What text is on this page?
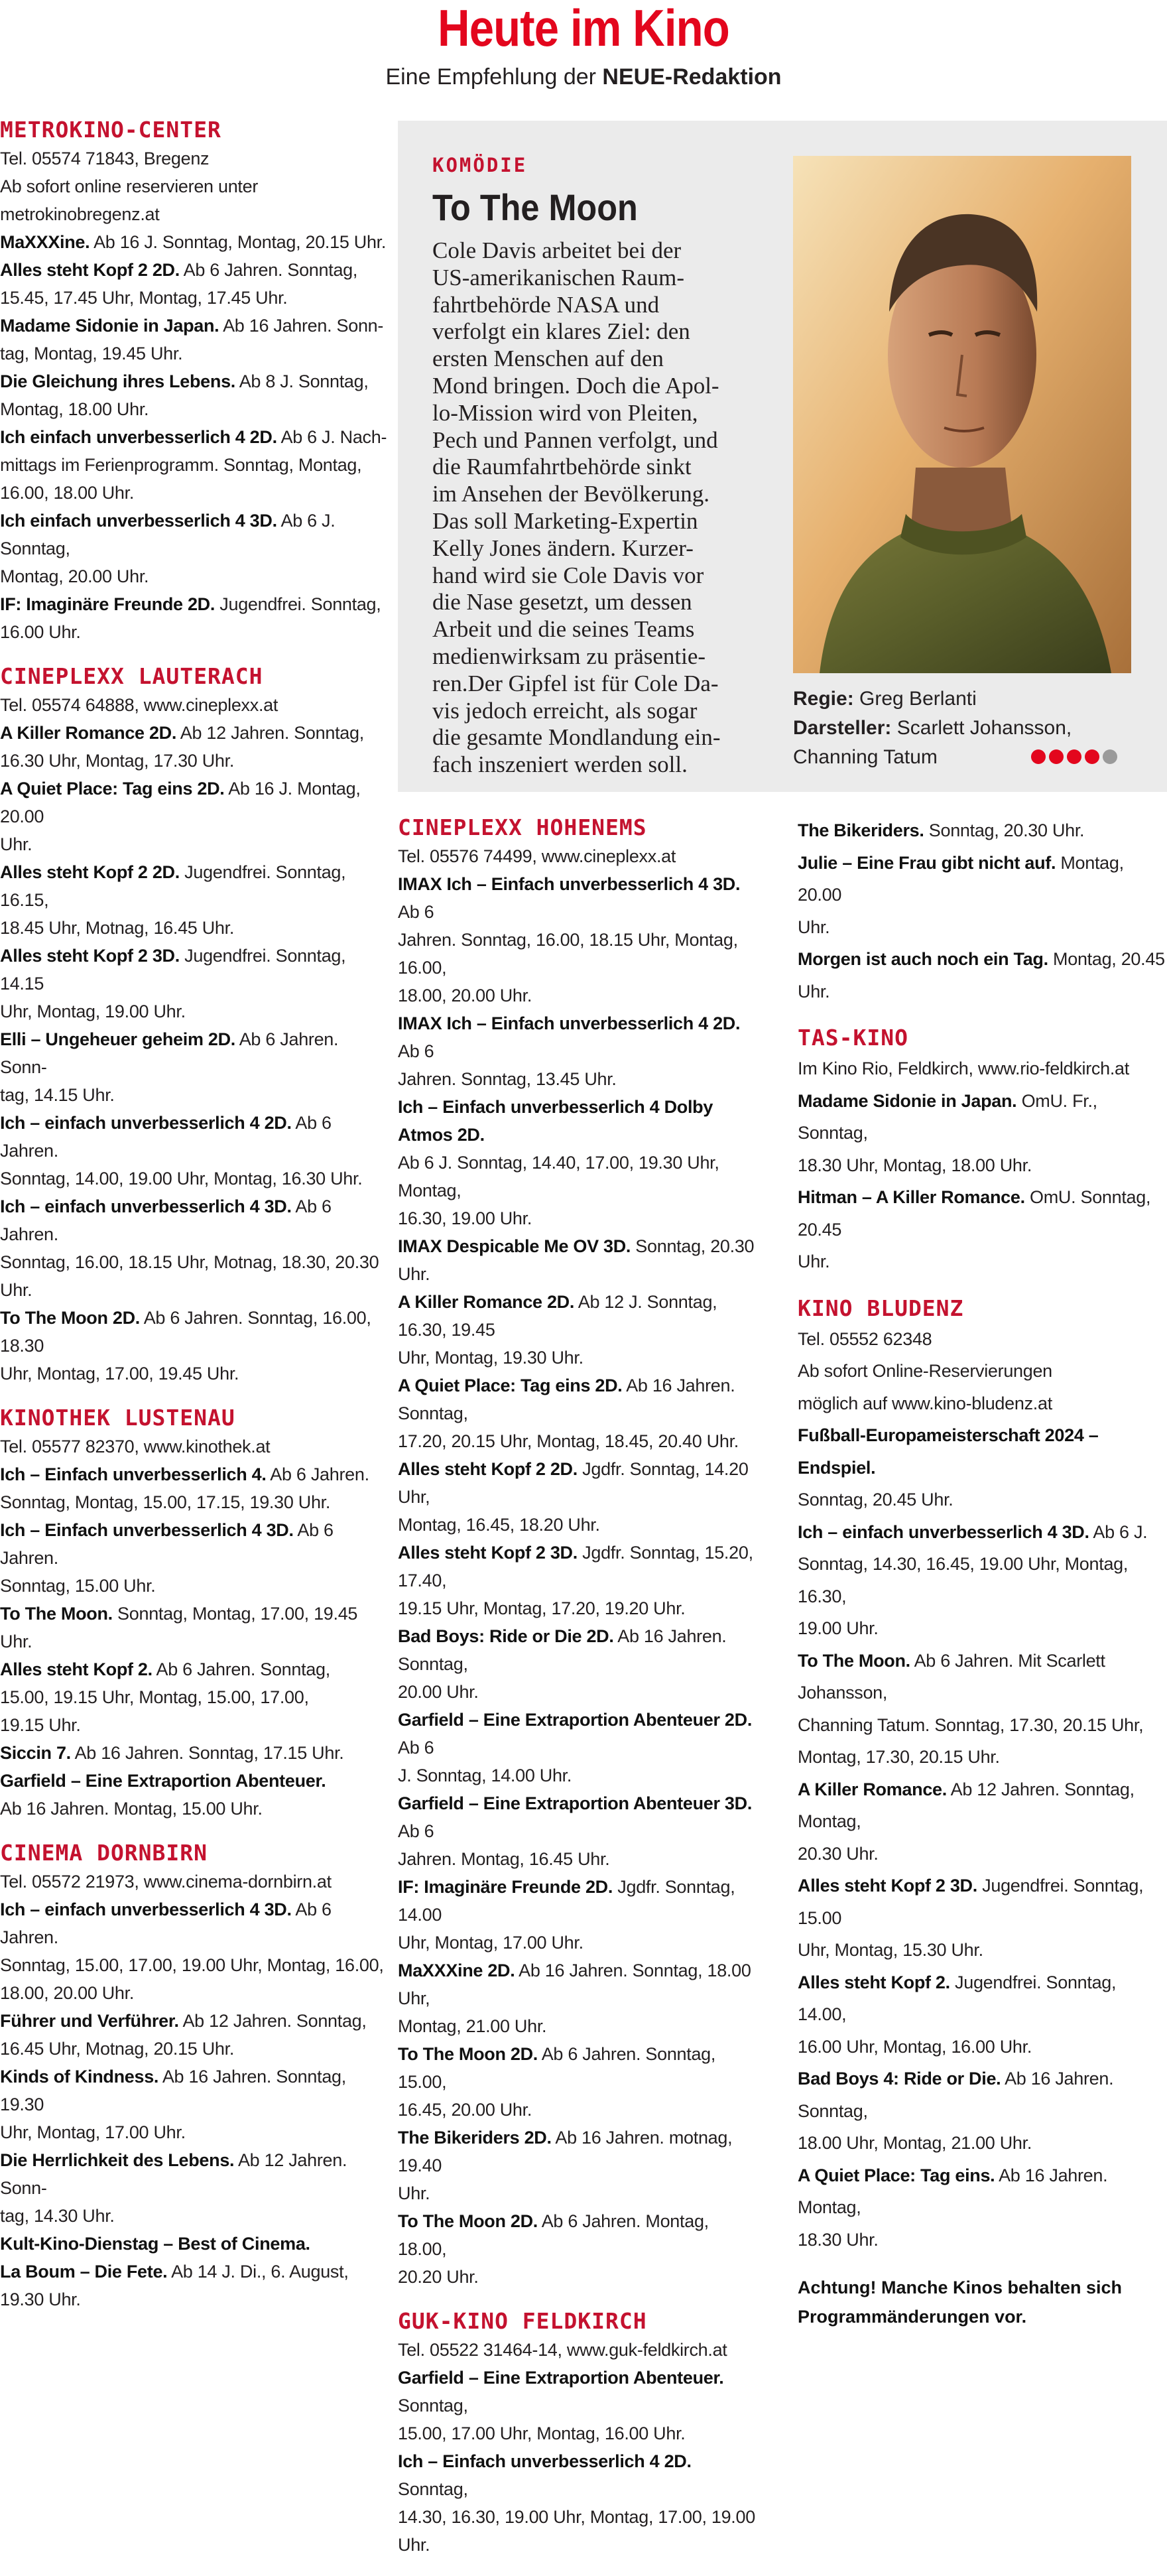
Heute im Kino
Eine Empfehlung der NEUE-Redaktion
METROKINO-CENTER
Tel. 05574 71843, Bregenz
Ab sofort online reservieren unter
metrokinobregenz.at
MaXXXine. Ab 16 J. Sonntag, Montag, 20.15 Uhr.
Alles steht Kopf 2 2D. Ab 6 Jahren. Sonntag,
15.45, 17.45 Uhr, Montag, 17.45 Uhr.
Madame Sidonie in Japan. Ab 16 Jahren. Sonn-
tag, Montag, 19.45 Uhr.
Die Gleichung ihres Lebens. Ab 8 J. Sonntag,
Montag, 18.00 Uhr.
Ich einfach unverbesserlich 4 2D. Ab 6 J. Nach-
mittags im Ferienprogramm. Sonntag, Montag,
16.00, 18.00 Uhr.
Ich einfach unverbesserlich 4 3D. Ab 6 J. Sonntag,
Montag, 20.00 Uhr.
IF: Imaginäre Freunde 2D. Jugendfrei. Sonntag,
16.00 Uhr.
CINEPLEXX LAUTERACH
Tel. 05574 64888, www.cineplexx.at
A Killer Romance 2D. Ab 12 Jahren. Sonntag,
16.30 Uhr, Montag, 17.30 Uhr.
A Quiet Place: Tag eins 2D. Ab 16 J. Montag, 20.00
Uhr.
Alles steht Kopf 2 2D. Jugendfrei. Sonntag, 16.15,
18.45 Uhr, Motnag, 16.45 Uhr.
Alles steht Kopf 2 3D. Jugendfrei. Sonntag, 14.15
Uhr, Montag, 19.00 Uhr.
Elli – Ungeheuer geheim 2D. Ab 6 Jahren. Sonn-
tag, 14.15 Uhr.
Ich – einfach unverbesserlich 4 2D. Ab 6 Jahren.
Sonntag, 14.00, 19.00 Uhr, Montag, 16.30 Uhr.
Ich – einfach unverbesserlich 4 3D. Ab 6 Jahren.
Sonntag, 16.00, 18.15 Uhr, Motnag, 18.30, 20.30
Uhr.
To The Moon 2D. Ab 6 Jahren. Sonntag, 16.00, 18.30
Uhr, Montag, 17.00, 19.45 Uhr.
KINOTHEK LUSTENAU
Tel. 05577 82370, www.kinothek.at
Ich – Einfach unverbesserlich 4. Ab 6 Jahren.
Sonntag, Montag, 15.00, 17.15, 19.30 Uhr.
Ich – Einfach unverbesserlich 4 3D. Ab 6 Jahren.
Sonntag, 15.00 Uhr.
To The Moon. Sonntag, Montag, 17.00, 19.45 Uhr.
Alles steht Kopf 2. Ab 6 Jahren. Sonntag,
15.00, 19.15 Uhr, Montag, 15.00, 17.00,
19.15 Uhr.
Siccin 7. Ab 16 Jahren. Sonntag, 17.15 Uhr.
Garfield – Eine Extraportion Abenteuer.
Ab 16 Jahren. Montag, 15.00 Uhr.
CINEMA DORNBIRN
Tel. 05572 21973, www.cinema-dornbirn.at
Ich – einfach unverbesserlich 4 3D. Ab 6 Jahren.
Sonntag, 15.00, 17.00, 19.00 Uhr, Montag, 16.00,
18.00, 20.00 Uhr.
Führer und Verführer. Ab 12 Jahren. Sonntag,
16.45 Uhr, Motnag, 20.15 Uhr.
Kinds of Kindness. Ab 16 Jahren. Sonntag, 19.30
Uhr, Montag, 17.00 Uhr.
Die Herrlichkeit des Lebens. Ab 12 Jahren. Sonn-
tag, 14.30 Uhr.
Kult-Kino-Dienstag – Best of Cinema.
La Boum – Die Fete. Ab 14 J. Di., 6. August, 19.30 Uhr.
KOMÖDIE
To The Moon
Cole Davis arbeitet bei der
US-amerikanischen Raum-
fahrtbehörde NASA und
verfolgt ein klares Ziel: den
ersten Menschen auf den
Mond bringen. Doch die Apol-
lo-Mission wird von Pleiten,
Pech und Pannen verfolgt, und
die Raumfahrtbehörde sinkt
im Ansehen der Bevölkerung.
Das soll Marketing-Expertin
Kelly Jones ändern. Kurzer-
hand wird sie Cole Davis vor
die Nase gesetzt, um dessen
Arbeit und die seines Teams
medienwirksam zu präsentie-
ren.Der Gipfel ist für Cole Da-
vis jedoch erreicht, als sogar
die gesamte Mondlandung ein-
fach inszeniert werden soll.
Regie: Greg Berlanti
Darsteller: Scarlett Johansson,
Channing Tatum
CINEPLEXX HOHENEMS
Tel. 05576 74499, www.cineplexx.at
IMAX Ich – Einfach unverbesserlich 4 3D. Ab 6
Jahren. Sonntag, 16.00, 18.15 Uhr, Montag, 16.00,
18.00, 20.00 Uhr.
IMAX Ich – Einfach unverbesserlich 4 2D. Ab 6
Jahren. Sonntag, 13.45 Uhr.
Ich – Einfach unverbesserlich 4 Dolby Atmos 2D.
Ab 6 J. Sonntag, 14.40, 17.00, 19.30 Uhr, Montag,
16.30, 19.00 Uhr.
IMAX Despicable Me OV 3D. Sonntag, 20.30 Uhr.
A Killer Romance 2D. Ab 12 J. Sonntag, 16.30, 19.45
Uhr, Montag, 19.30 Uhr.
A Quiet Place: Tag eins 2D. Ab 16 Jahren. Sonntag,
17.20, 20.15 Uhr, Montag, 18.45, 20.40 Uhr.
Alles steht Kopf 2 2D. Jgdfr. Sonntag, 14.20 Uhr,
Montag, 16.45, 18.20 Uhr.
Alles steht Kopf 2 3D. Jgdfr. Sonntag, 15.20, 17.40,
19.15 Uhr, Montag, 17.20, 19.20 Uhr.
Bad Boys: Ride or Die 2D. Ab 16 Jahren. Sonntag,
20.00 Uhr.
Garfield – Eine Extraportion Abenteuer 2D. Ab 6
J. Sonntag, 14.00 Uhr.
Garfield – Eine Extraportion Abenteuer 3D. Ab 6
Jahren. Montag, 16.45 Uhr.
IF: Imaginäre Freunde 2D. Jgdfr. Sonntag, 14.00
Uhr, Montag, 17.00 Uhr.
MaXXXine 2D. Ab 16 Jahren. Sonntag, 18.00 Uhr,
Montag, 21.00 Uhr.
To The Moon 2D. Ab 6 Jahren. Sonntag, 15.00,
16.45, 20.00 Uhr.
The Bikeriders 2D. Ab 16 Jahren. motnag, 19.40
Uhr.
To The Moon 2D. Ab 6 Jahren. Montag, 18.00,
20.20 Uhr.
GUK-KINO FELDKIRCH
Tel. 05522 31464-14, www.guk-feldkirch.at
Garfield – Eine Extraportion Abenteuer. Sonntag,
15.00, 17.00 Uhr, Montag, 16.00 Uhr.
Ich – Einfach unverbesserlich 4 2D. Sonntag,
14.30, 16.30, 19.00 Uhr, Montag, 17.00, 19.00 Uhr.
The Bikeriders. Sonntag, 20.30 Uhr.
Julie – Eine Frau gibt nicht auf. Montag, 20.00
Uhr.
Morgen ist auch noch ein Tag. Montag, 20.45 Uhr.
TAS-KINO
Im Kino Rio, Feldkirch, www.rio-feldkirch.at
Madame Sidonie in Japan. OmU. Fr., Sonntag,
18.30 Uhr, Montag, 18.00 Uhr.
Hitman – A Killer Romance. OmU. Sonntag, 20.45
Uhr.
KINO BLUDENZ
Tel. 05552 62348
Ab sofort Online-Reservierungen
möglich auf www.kino-bludenz.at
Fußball-Europameisterschaft 2024 – Endspiel.
Sonntag, 20.45 Uhr.
Ich – einfach unverbesserlich 4 3D. Ab 6 J.
Sonntag, 14.30, 16.45, 19.00 Uhr, Montag, 16.30,
19.00 Uhr.
To The Moon. Ab 6 Jahren. Mit Scarlett Johansson,
Channing Tatum. Sonntag, 17.30, 20.15 Uhr,
Montag, 17.30, 20.15 Uhr.
A Killer Romance. Ab 12 Jahren. Sonntag, Montag,
20.30 Uhr.
Alles steht Kopf 2 3D. Jugendfrei. Sonntag, 15.00
Uhr, Montag, 15.30 Uhr.
Alles steht Kopf 2. Jugendfrei. Sonntag, 14.00,
16.00 Uhr, Montag, 16.00 Uhr.
Bad Boys 4: Ride or Die. Ab 16 Jahren. Sonntag,
18.00 Uhr, Montag, 21.00 Uhr.
A Quiet Place: Tag eins. Ab 16 Jahren. Montag,
18.30 Uhr.
Achtung! Manche Kinos behalten sich
Programmänderungen vor.
